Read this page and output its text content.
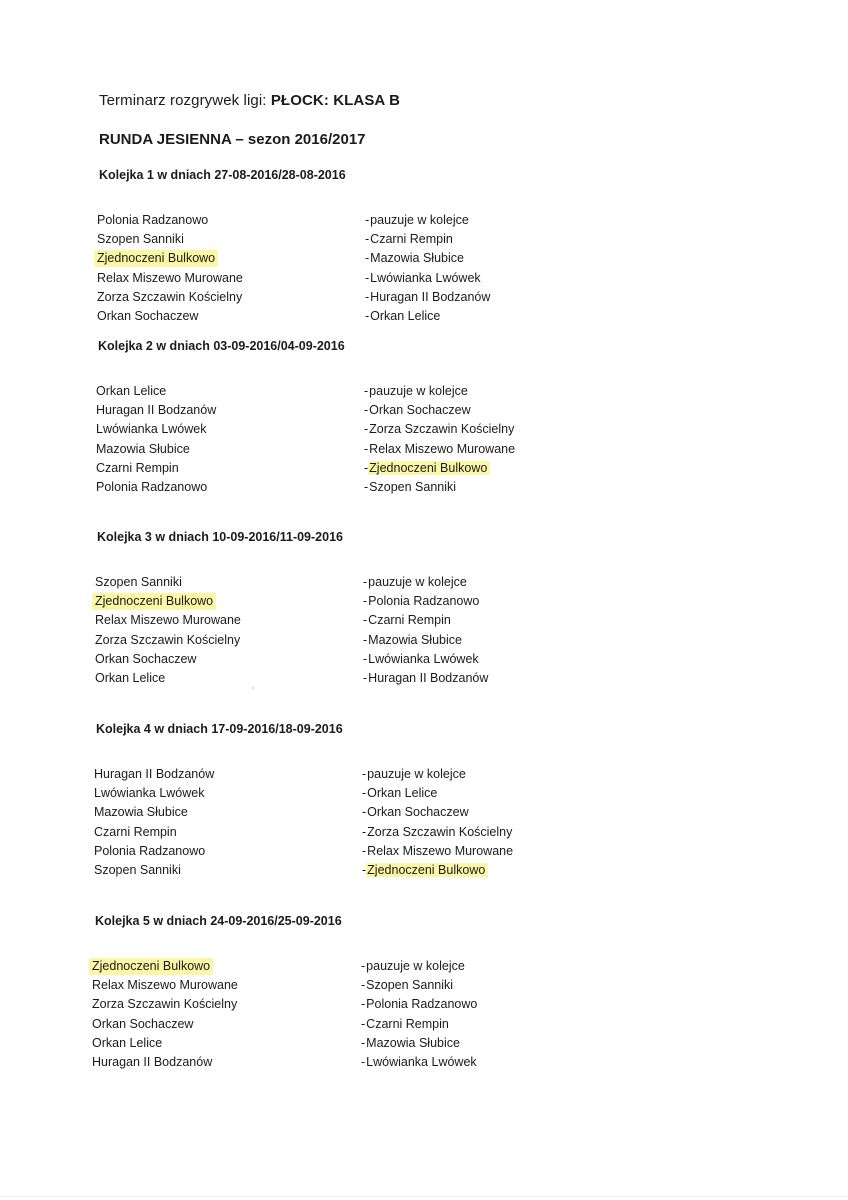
Terminarz rozgrywek ligi: PŁOCK: KLASA B
RUNDA JESIENNA – sezon 2016/2017
Kolejka 1 w dniach 27-08-2016/28-08-2016
Polonia Radzanowo	-pauzuje w kolejce
Szopen Sanniki	-Czarni Rempin
Zjednoczeni Bulkowo	-Mazowia Słubice
Relax Miszewo Murowane	-Lwówianka Lwówek
Zorza Szczawin Kościelny	-Huragan II Bodzanów
Orkan Sochaczew	-Orkan Lelice
Kolejka 2 w dniach 03-09-2016/04-09-2016
Orkan Lelice	-pauzuje w kolejce
Huragan II Bodzanów	-Orkan Sochaczew
Lwówianka Lwówek	-Zorza Szczawin Kościelny
Mazowia Słubice	-Relax Miszewo Murowane
Czarni Rempin	-Zjednoczeni Bulkowo
Polonia Radzanowo	-Szopen Sanniki
Kolejka 3 w dniach 10-09-2016/11-09-2016
Szopen Sanniki	-pauzuje w kolejce
Zjednoczeni Bulkowo	-Polonia Radzanowo
Relax Miszewo Murowane	-Czarni Rempin
Zorza Szczawin Kościelny	-Mazowia Słubice
Orkan Sochaczew	-Lwówianka Lwówek
Orkan Lelice	-Huragan II Bodzanów
Kolejka 4 w dniach 17-09-2016/18-09-2016
Huragan II Bodzanów	-pauzuje w kolejce
Lwówianka Lwówek	-Orkan Lelice
Mazowia Słubice	-Orkan Sochaczew
Czarni Rempin	-Zorza Szczawin Kościelny
Polonia Radzanowo	-Relax Miszewo Murowane
Szopen Sanniki	-Zjednoczeni Bulkowo
Kolejka 5 w dniach 24-09-2016/25-09-2016
Zjednoczeni Bulkowo	-pauzuje w kolejce
Relax Miszewo Murowane	-Szopen Sanniki
Zorza Szczawin Kościelny	-Polonia Radzanowo
Orkan Sochaczew	-Czarni Rempin
Orkan Lelice	-Mazowia Słubice
Huragan II Bodzanów	-Lwówianka Lwówek
